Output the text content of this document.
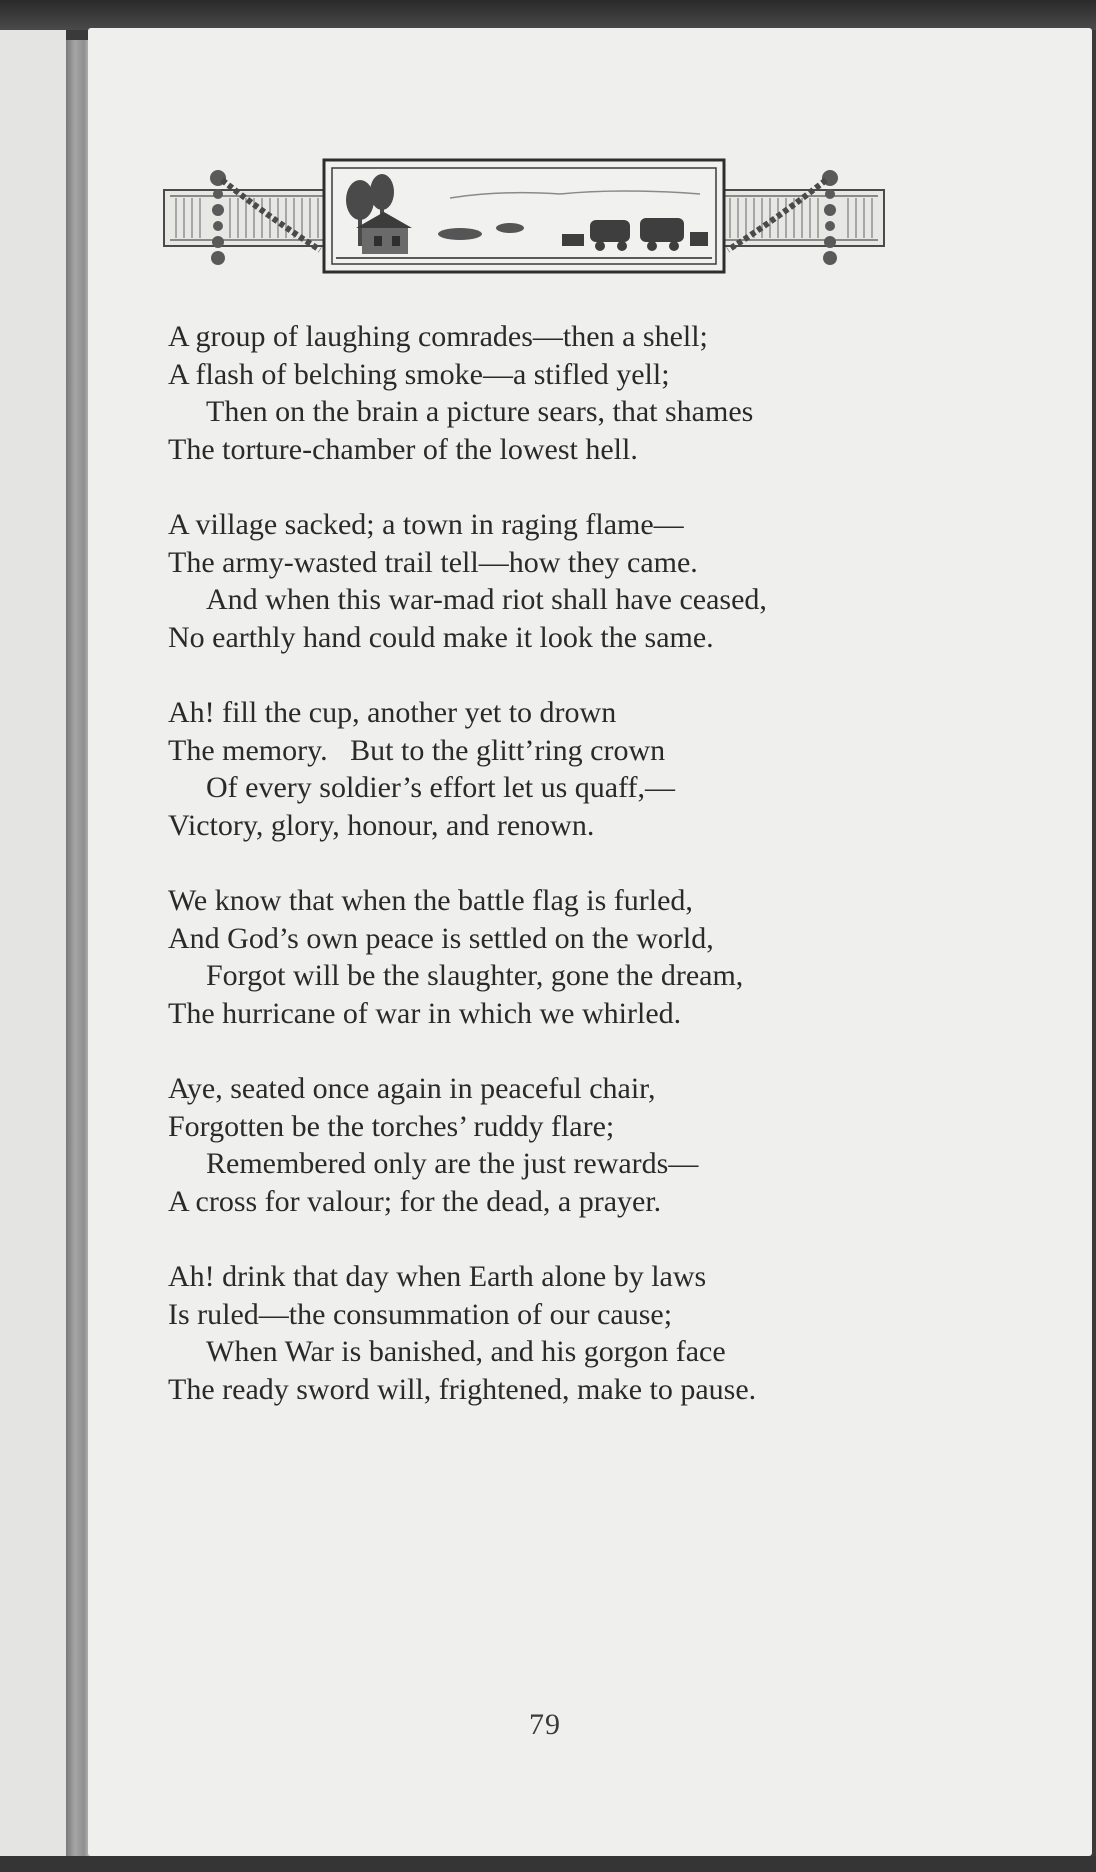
A group of laughing comrades—then a shell;
A flash of belching smoke—a stifled yell;
Then on the brain a picture sears, that shames
The torture-chamber of the lowest hell.
A village sacked; a town in raging flame—
The army-wasted trail tell—how they came.
And when this war-mad riot shall have ceased,
No earthly hand could make it look the same.
Ah! fill the cup, another yet to drown
The memory.   But to the glitt’ring crown
Of every soldier’s effort let us quaff,—
Victory, glory, honour, and renown.
We know that when the battle flag is furled,
And God’s own peace is settled on the world,
Forgot will be the slaughter, gone the dream,
The hurricane of war in which we whirled.
Aye, seated once again in peaceful chair,
Forgotten be the torches’ ruddy flare;
Remembered only are the just rewards—
A cross for valour; for the dead, a prayer.
Ah! drink that day when Earth alone by laws
Is ruled—the consummation of our cause;
When War is banished, and his gorgon face
The ready sword will, frightened, make to pause.
79
